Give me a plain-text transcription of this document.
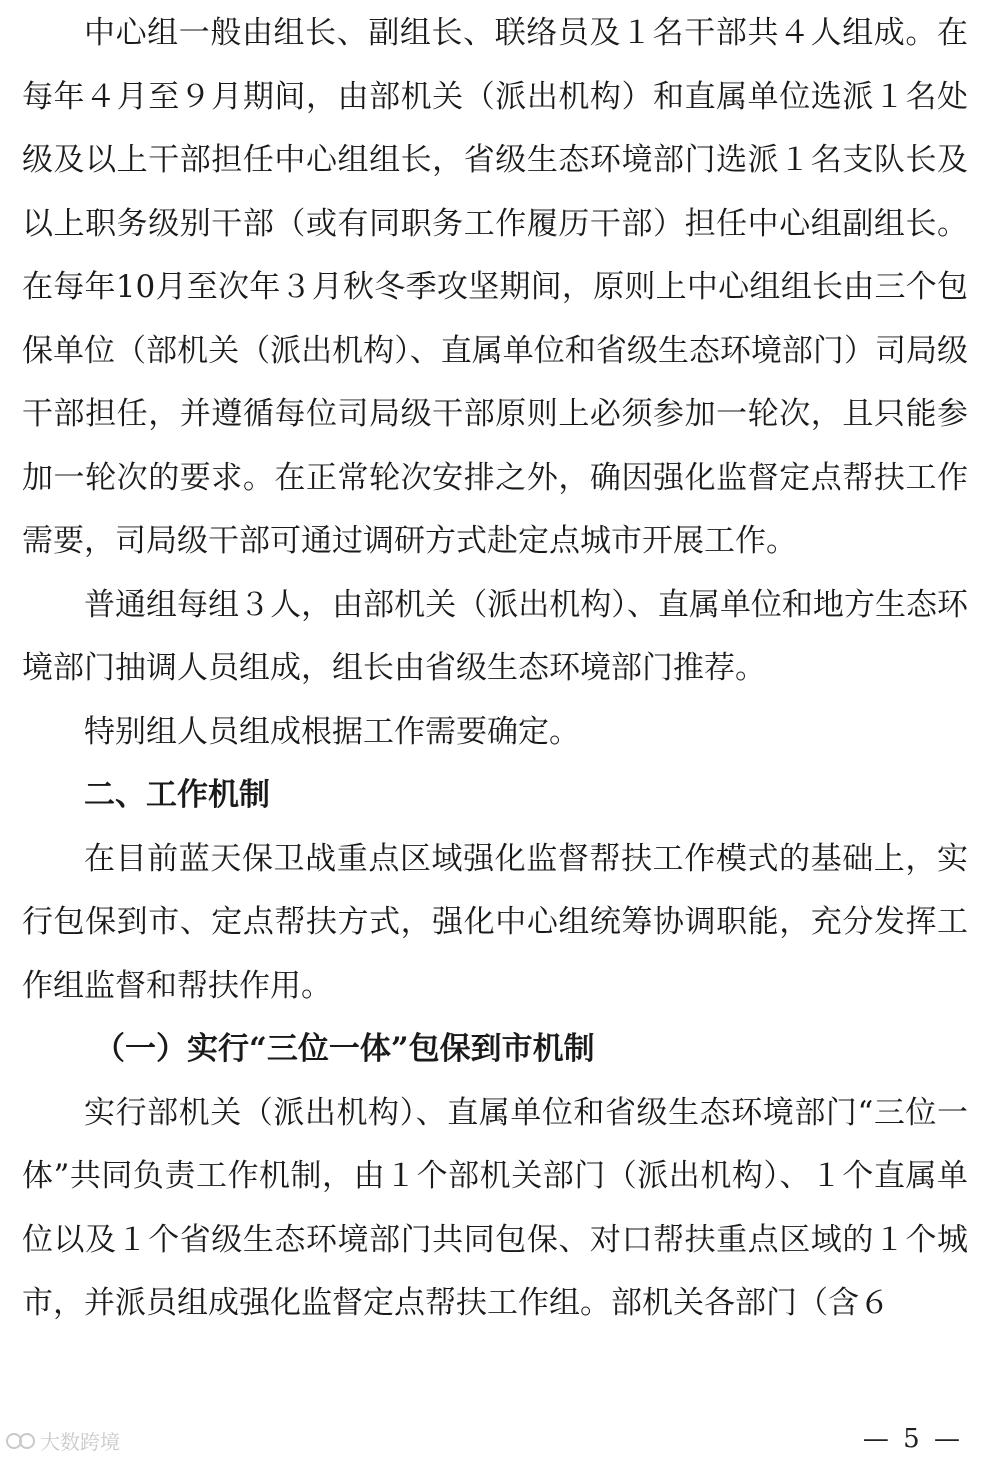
中心组一般由组长、副组长、联络员及１名干部共４人组成。在每年４月至９月期间，由部机关（派出机构）和直属单位选派１名处级及以上干部担任中心组组长，省级生态环境部门选派１名支队长及以上职务级别干部（或有同职务工作履历干部）担任中心组副组长。在每年10月至次年３月秋冬季攻坚期间，原则上中心组组长由三个包保单位（部机关（派出机构）、直属单位和省级生态环境部门）司局级干部担任，并遵循每位司局级干部原则上必须参加一轮次，且只能参加一轮次的要求。在正常轮次安排之外，确因强化监督定点帮扶工作需要，司局级干部可通过调研方式赴定点城市开展工作。

普通组每组３人，由部机关（派出机构）、直属单位和地方生态环境部门抽调人员组成，组长由省级生态环境部门推荐。

特别组人员组成根据工作需要确定。

二、工作机制

在目前蓝天保卫战重点区域强化监督帮扶工作模式的基础上，实行包保到市、定点帮扶方式，强化中心组统筹协调职能，充分发挥工作组监督和帮扶作用。

（一）实行“三位一体”包保到市机制

实行部机关（派出机构）、直属单位和省级生态环境部门“三位一体”共同负责工作机制，由１个部机关部门（派出机构）、１个直属单位以及１个省级生态环境部门共同包保、对口帮扶重点区域的１个城市，并派员组成强化监督定点帮扶工作组。部机关各部门（含６

大数跨境	— 5 —
